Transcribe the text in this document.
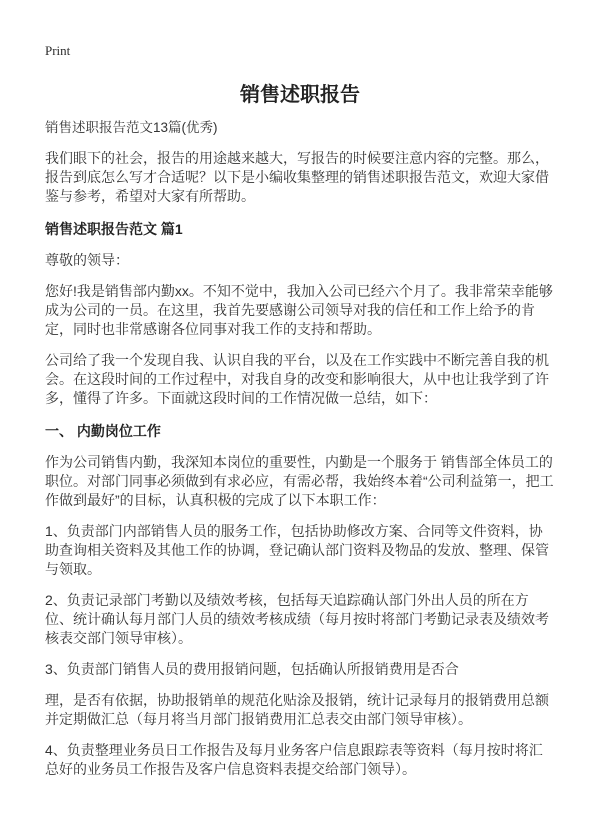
Print
销售述职报告
销售述职报告范文13篇(优秀)

我们眼下的社会，报告的用途越来越大，写报告的时候要注意内容的完整。那么，报告到底怎么写才合适呢？以下是小编收集整理的销售述职报告范文，欢迎大家借鉴与参考，希望对大家有所帮助。

销售述职报告范文 篇1

尊敬的领导：

您好!我是销售部内勤xx。不知不觉中，我加入公司已经六个月了。我非常荣幸能够成为公司的一员。在这里，我首先要感谢公司领导对我的信任和工作上给予的肯定，同时也非常感谢各位同事对我工作的支持和帮助。

公司给了我一个发现自我、认识自我的平台，以及在工作实践中不断完善自我的机会。在这段时间的工作过程中，对我自身的改变和影响很大，从中也让我学到了许多，懂得了许多。下面就这段时间的工作情况做一总结，如下：

一、 内勤岗位工作

作为公司销售内勤，我深知本岗位的重要性，内勤是一个服务于 销售部全体员工的职位。对部门同事必须做到有求必应，有需必帮，我始终本着“公司利益第一，把工作做到最好”的目标，认真积极的完成了以下本职工作：

1、负责部门内部销售人员的服务工作，包括协助修改方案、合同等文件资料，协助查询相关资料及其他工作的协调，登记确认部门资料及物品的发放、整理、保管与领取。

2、负责记录部门考勤以及绩效考核，包括每天追踪确认部门外出人员的所在方位、统计确认每月部门人员的绩效考核成绩（每月按时将部门考勤记录表及绩效考核表交部门领导审核）。

3、负责部门销售人员的费用报销问题，包括确认所报销费用是否合

理，是否有依据，协助报销单的规范化贴涂及报销，统计记录每月的报销费用总额并定期做汇总（每月将当月部门报销费用汇总表交由部门领导审核）。

4、负责整理业务员日工作报告及每月业务客户信息跟踪表等资料（每月按时将汇总好的业务员工作报告及客户信息资料表提交给部门领导）。
